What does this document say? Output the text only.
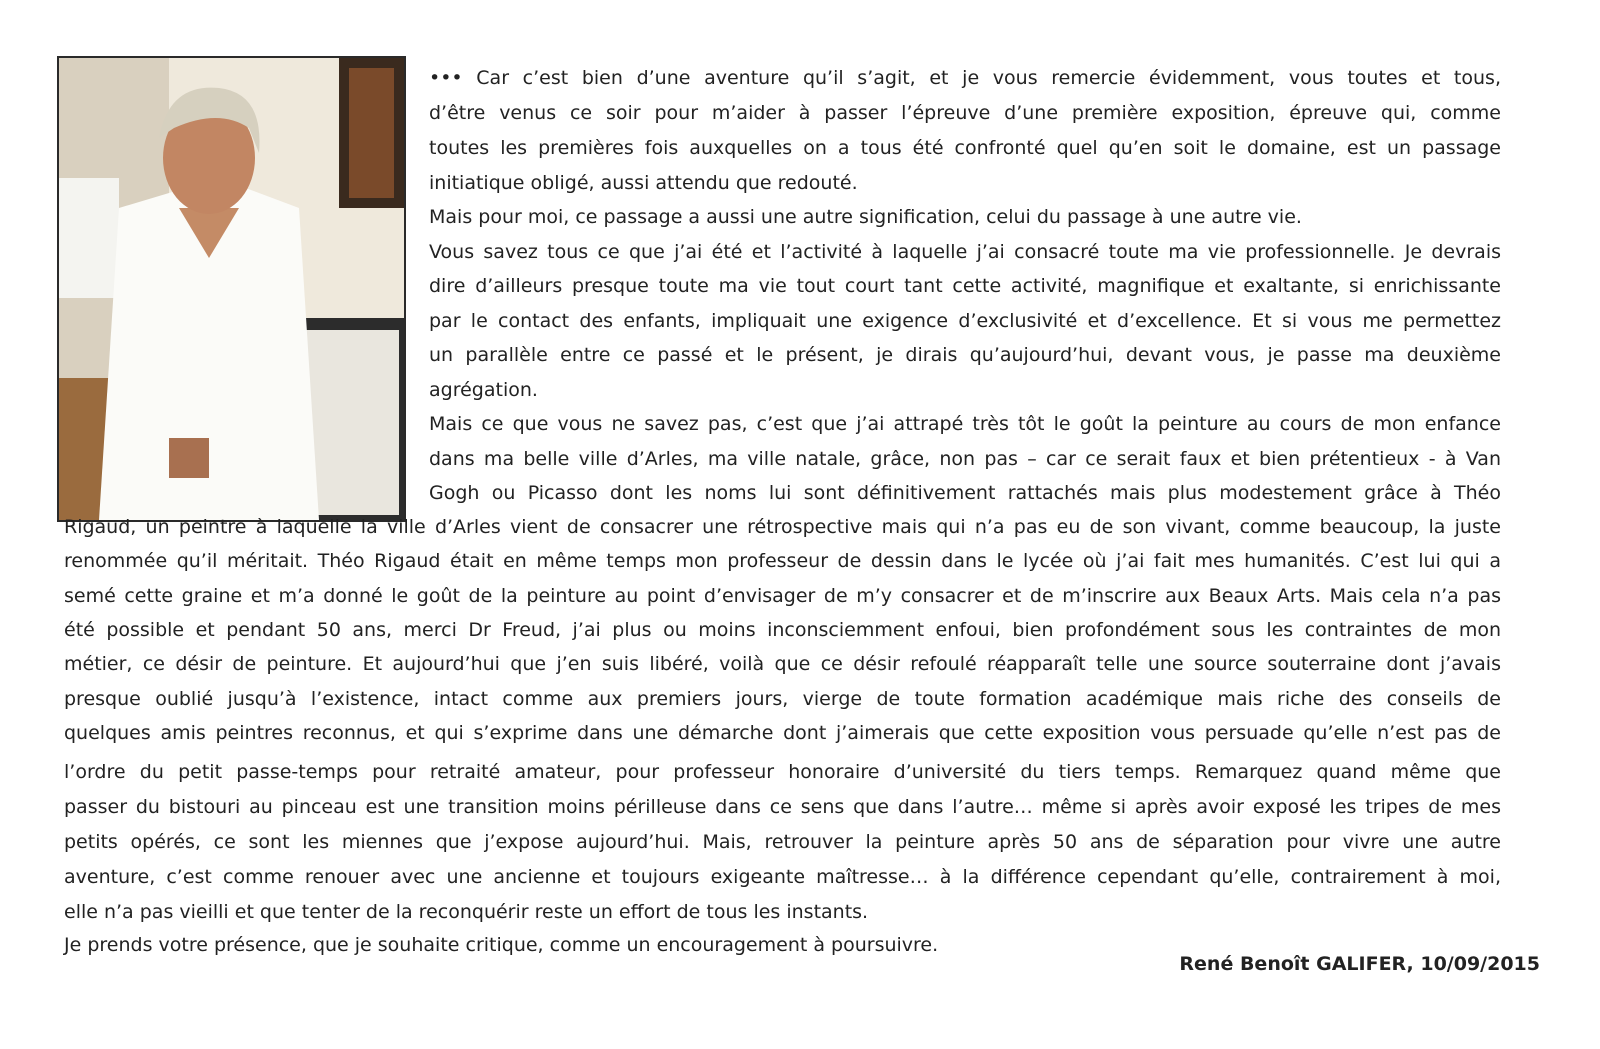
••• Car c’est bien d’une aventure qu’il s’agit, et je vous remercie évidemment, vous toutes et tous,
d’être venus ce soir pour m’aider à passer l’épreuve d’une première exposition, épreuve qui, comme
toutes les premières fois auxquelles on a tous été confronté quel qu’en soit le domaine, est un passage
initiatique obligé, aussi attendu que redouté.
Mais pour moi, ce passage a aussi une autre signification, celui du passage à une autre vie.
Vous savez tous ce que j’ai été et l’activité à laquelle j’ai consacré toute ma vie professionnelle. Je devrais
dire d’ailleurs presque toute ma vie tout court tant cette activité, magnifique et exaltante, si enrichissante
par le contact des enfants, impliquait une exigence d’exclusivité et d’excellence. Et si vous me permettez
un parallèle entre ce passé et le présent, je dirais qu’aujourd’hui, devant vous, je passe ma deuxième
agrégation.
Mais ce que vous ne savez pas, c’est que j’ai attrapé très tôt le goût la peinture au cours de mon enfance
dans ma belle ville d’Arles, ma ville natale, grâce, non pas – car ce serait faux et bien prétentieux - à Van
Gogh ou Picasso dont les noms lui sont définitivement rattachés mais plus modestement grâce à Théo
Rigaud, un peintre à laquelle la ville d’Arles vient de consacrer une rétrospective mais qui n’a pas eu de son vivant, comme beaucoup, la juste
renommée qu’il méritait. Théo Rigaud était en même temps mon professeur de dessin dans le lycée où j’ai fait mes humanités. C’est lui qui a
semé cette graine et m’a donné le goût de la peinture au point d’envisager de m’y consacrer et de m’inscrire aux Beaux Arts. Mais cela n’a pas
été possible et pendant 50 ans, merci Dr Freud, j’ai plus ou moins inconsciemment enfoui, bien profondément sous les contraintes de mon
métier, ce désir de peinture. Et aujourd’hui que j’en suis libéré, voilà que ce désir refoulé réapparaît telle une source souterraine dont j’avais
presque oublié jusqu’à l’existence, intact comme aux premiers jours, vierge de toute formation académique mais riche des conseils de
quelques amis peintres reconnus, et qui s’exprime dans une démarche dont j’aimerais que cette exposition vous persuade qu’elle n’est pas de
l’ordre du petit passe-temps pour retraité amateur, pour professeur honoraire d’université du tiers temps. Remarquez quand même que
passer du bistouri au pinceau est une transition moins périlleuse dans ce sens que dans l’autre… même si après avoir exposé les tripes de mes
petits opérés, ce sont les miennes que j’expose aujourd’hui. Mais, retrouver la peinture après 50 ans de séparation pour vivre une autre
aventure, c’est comme renouer avec une ancienne et toujours exigeante maîtresse… à la différence cependant qu’elle, contrairement à moi,
elle n’a pas vieilli et que tenter de la reconquérir reste un effort de tous les instants.
Je prends votre présence, que je souhaite critique, comme un encouragement à poursuivre.
René Benoît GALIFER, 10/09/2015
